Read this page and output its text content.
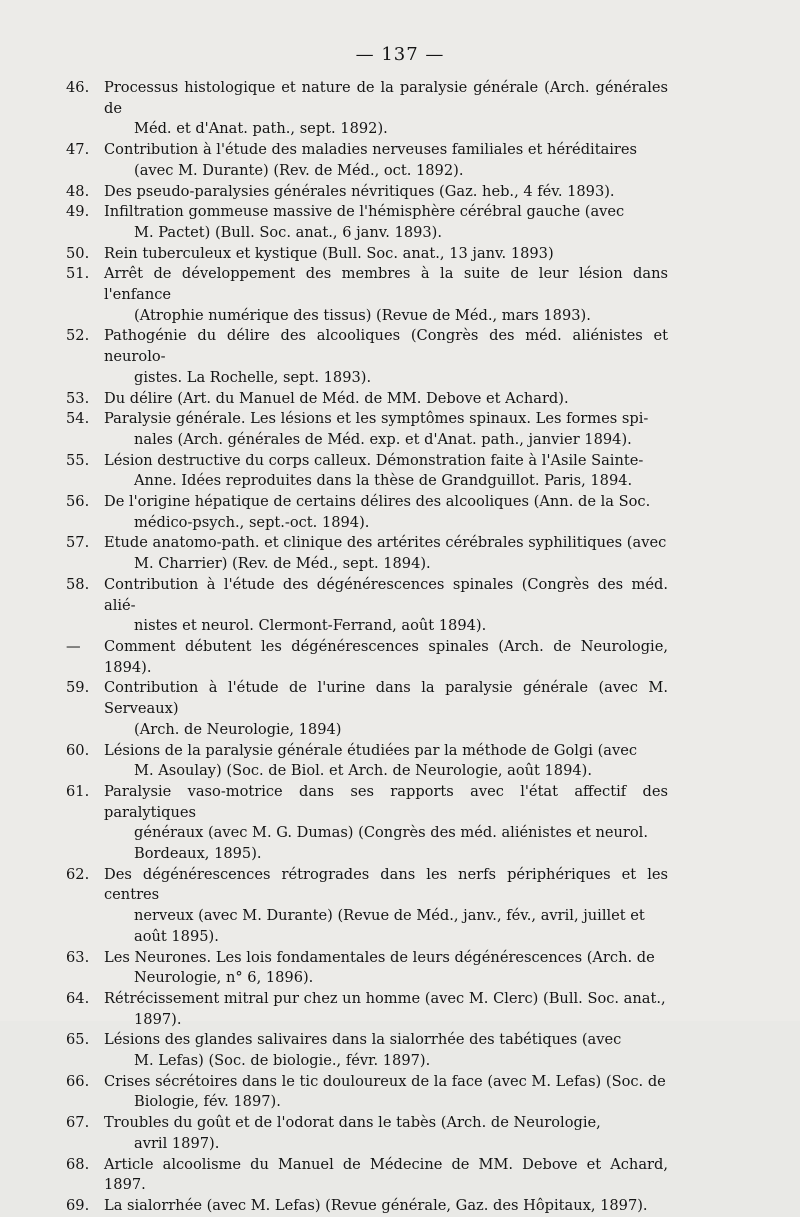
— 137 —
46.	Processus histologique et nature de la paralysie générale (Arch. générales de
Méd. et d'Anat. path., sept. 1892).
47.	Contribution à l'étude des maladies nerveuses familiales et héréditaires
(avec M. Durante) (Rev. de Méd., oct. 1892).
48.	Des pseudo-paralysies générales névritiques (Gaz. heb., 4 fév. 1893).
49.	Infiltration gommeuse massive de l'hémisphère cérébral gauche (avec
M. Pactet) (Bull. Soc. anat., 6 janv. 1893).
50.	Rein tuberculeux et kystique (Bull. Soc. anat., 13 janv. 1893)
51.	Arrêt de développement des membres à la suite de leur lésion dans l'enfance
(Atrophie numérique des tissus) (Revue de Méd., mars 1893).
52.	Pathogénie du délire des alcooliques (Congrès des méd. aliénistes et neurolo-
gistes. La Rochelle, sept. 1893).
53.	Du délire (Art. du Manuel de Méd. de MM. Debove et Achard).
54.	Paralysie générale. Les lésions et les symptômes spinaux. Les formes spi-
nales (Arch. générales de Méd. exp. et d'Anat. path., janvier 1894).
55.	Lésion destructive du corps calleux. Démonstration faite à l'Asile Sainte-
Anne. Idées reproduites dans la thèse de Grandguillot. Paris, 1894.
56.	De l'origine hépatique de certains délires des alcooliques (Ann. de la Soc.
médico-psych., sept.-oct. 1894).
57.	Etude anatomo-path. et clinique des artérites cérébrales syphilitiques (avec
M. Charrier) (Rev. de Méd., sept. 1894).
58.	Contribution à l'étude des dégénérescences spinales (Congrès des méd. alié-
nistes et neurol. Clermont-Ferrand, août 1894).
—	Comment débutent les dégénérescences spinales (Arch. de Neurologie, 1894).
59.	Contribution à l'étude de l'urine dans la paralysie générale (avec M. Serveaux)
(Arch. de Neurologie, 1894)
60.	Lésions de la paralysie générale étudiées par la méthode de Golgi (avec
M. Asoulay) (Soc. de Biol. et Arch. de Neurologie, août 1894).
61.	Paralysie vaso-motrice dans ses rapports avec l'état affectif des paralytiques
généraux (avec M. G. Dumas) (Congrès des méd. aliénistes et neurol.
Bordeaux, 1895).
62.	Des dégénérescences rétrogrades dans les nerfs périphériques et les centres
nerveux (avec M. Durante) (Revue de Méd., janv., fév., avril, juillet et
août 1895).
63.	Les Neurones. Les lois fondamentales de leurs dégénérescences (Arch. de
Neurologie, n° 6, 1896).
64.	Rétrécissement mitral pur chez un homme (avec M. Clerc) (Bull. Soc. anat.,
1897).
65.	Lésions des glandes salivaires dans la sialorrhée des tabétiques (avec
M. Lefas) (Soc. de biologie., févr. 1897).
66.	Crises sécrétoires dans le tic douloureux de la face (avec M. Lefas) (Soc. de
Biologie, fév. 1897).
67.	Troubles du goût et de l'odorat dans le tabès (Arch. de Neurologie,
avril 1897).
68.	Article alcoolisme du Manuel de Médecine de MM. Debove et Achard, 1897.
69.	La sialorrhée (avec M. Lefas) (Revue générale, Gaz. des Hôpitaux, 1897).
